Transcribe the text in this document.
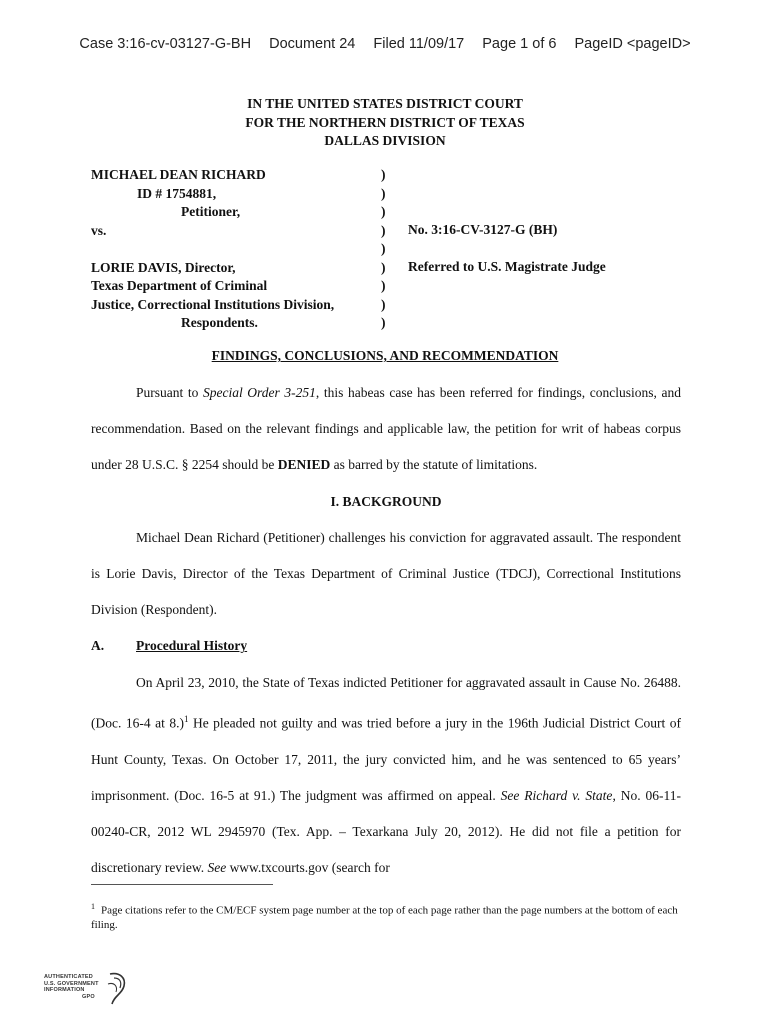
Case 3:16-cv-03127-G-BH Document 24 Filed 11/09/17 Page 1 of 6 PageID <pageID>
IN THE UNITED STATES DISTRICT COURT
FOR THE NORTHERN DISTRICT OF TEXAS
DALLAS DIVISION
MICHAEL DEAN RICHARD
ID # 1754881,
Petitioner,
vs.

LORIE DAVIS, Director,
Texas Department of Criminal
Justice, Correctional Institutions Division,
Respondents.
)
)
)
)
)
)
)
)
)
No. 3:16-CV-3127-G (BH)
Referred to U.S. Magistrate Judge
FINDINGS, CONCLUSIONS, AND RECOMMENDATION

Pursuant to Special Order 3-251, this habeas case has been referred for findings, conclusions, and recommendation. Based on the relevant findings and applicable law, the petition for writ of habeas corpus under 28 U.S.C. § 2254 should be DENIED as barred by the statute of limitations.

I. BACKGROUND

Michael Dean Richard (Petitioner) challenges his conviction for aggravated assault. The respondent is Lorie Davis, Director of the Texas Department of Criminal Justice (TDCJ), Correctional Institutions Division (Respondent).

A. Procedural History

On April 23, 2010, the State of Texas indicted Petitioner for aggravated assault in Cause No. 26488. (Doc. 16-4 at 8.)$^1$ He pleaded not guilty and was tried before a jury in the 196th Judicial District Court of Hunt County, Texas. On October 17, 2011, the jury convicted him, and he was sentenced to 65 years’ imprisonment. (Doc. 16-5 at 91.) The judgment was affirmed on appeal. See Richard v. State, No. 06-11-00240-CR, 2012 WL 2945970 (Tex. App. – Texarkana July 20, 2012). He did not file a petition for discretionary review. See www.txcourts.gov (search for

$^1$ Page citations refer to the CM/ECF system page number at the top of each page rather than the page numbers at the bottom of each filing.
AUTHENTICATED
U.S. GOVERNMENT
INFORMATION
GPO
